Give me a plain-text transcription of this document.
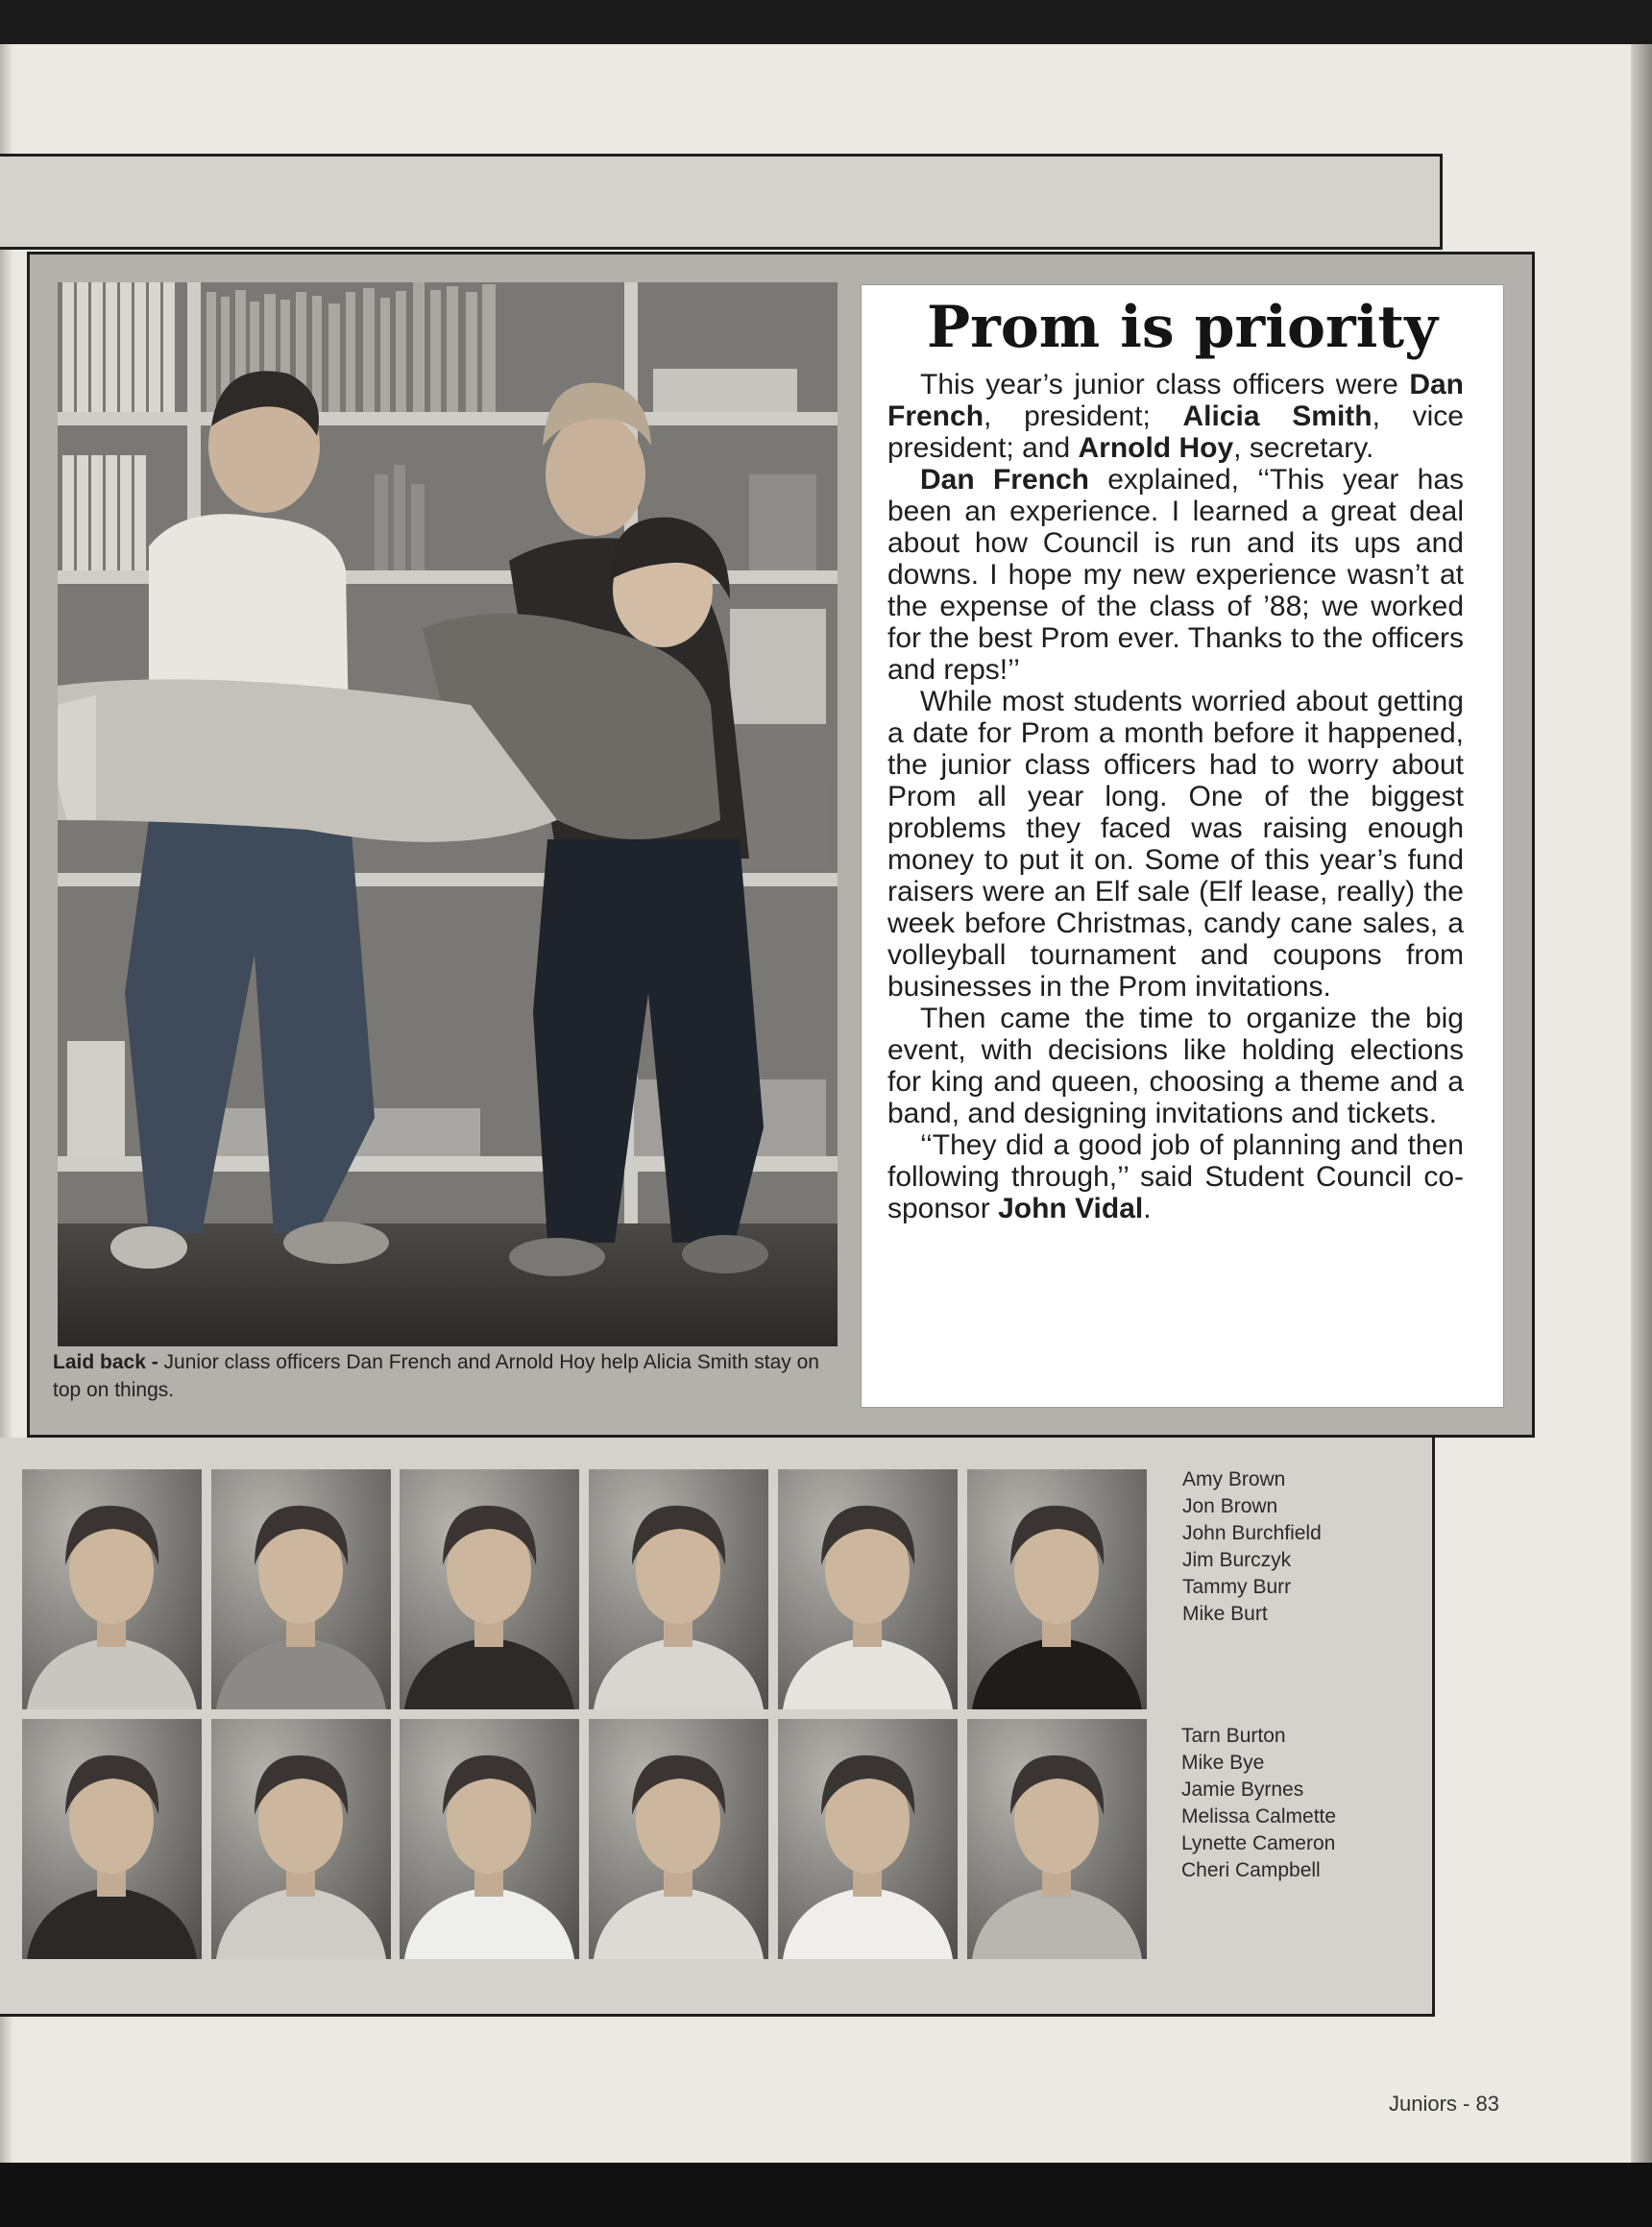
Laid back - Junior class officers Dan French and Arnold Hoy help Alicia Smith stay on top on things.
Prom is priority

This year’s junior class officers were Dan French, president; Alicia Smith, vice president; and Arnold Hoy, secretary.

Dan French explained, ‘‘This year has been an experience. I learned a great deal about how Council is run and its ups and downs. I hope my new experience wasn’t at the expense of the class of ’88; we worked for the best Prom ever. Thanks to the officers and reps!’’

While most students worried about getting a date for Prom a month before it happened, the junior class officers had to worry about Prom all year long. One of the biggest problems they faced was raising enough money to put it on. Some of this year’s fund raisers were an Elf sale (Elf lease, really) the week before Christmas, candy cane sales, a volleyball tournament and coupons from businesses in the Prom invitations.

Then came the time to organize the big event, with decisions like holding elections for king and queen, choosing a theme and a band, and designing invitations and tickets.

‘‘They did a good job of planning and then following through,’’ said Student Council co-sponsor John Vidal.

Amy Brown
Jon Brown
John Burchfield
Jim Burczyk
Tammy Burr
Mike Burt
Tarn Burton
Mike Bye
Jamie Byrnes
Melissa Calmette
Lynette Cameron
Cheri Campbell
Juniors - 83
